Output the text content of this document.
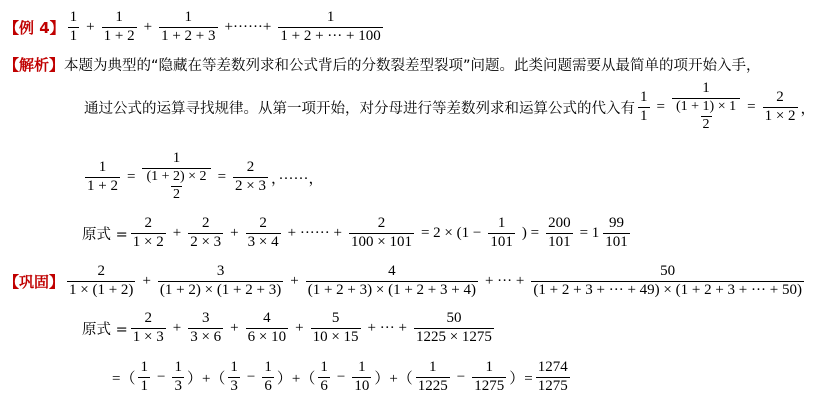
【例 4】 $\frac{1}{1} + \frac{1}{1 + 2} + \frac{1}{1 + 2 + 3}$ +······+ $\frac{1}{1 + 2 + \cdot\cdot\cdot + 100}$
【解析】 本题为典型的“隐藏在等差数列求和公式背后的分数裂差型裂项”问题。此类问题需要从最简单的项开始入手，
通过公式的运算寻找规律。从第一项开始，对分母进行等差数列求和运算公式的代入有 $\frac{1}{1} = \frac{1}{\frac{(1 + 1) \times 1}{2}} = \frac{2}{1 \times 2}$ ，
$\frac{1}{1 + 2} = \frac{1}{\frac{(1 + 2) \times 2}{2}} = \frac{2}{2 \times 3}$ ，······，
原式 = $\frac{2}{1 \times 2} + \frac{2}{2 \times 3} + \frac{2}{3 \times 4}$ + ······ + $\frac{2}{100 \times 101} = 2 \times (1 - \frac{1}{101}$ ) = $\frac{200}{101} = 1 \frac{99}{101}$
【巩固】 $\frac{2}{1 \times (1 + 2)} + \frac{3}{(1 + 2) \times (1 + 2 + 3)} + \frac{4}{(1 + 2 + 3) \times (1 + 2 + 3 + 4)}$ + ··· + $\frac{50}{(1 + 2 + 3 + \cdot\cdot\cdot + 49) \times (1 + 2 + 3 + \cdot\cdot\cdot + 50)}$
原式 = $\frac{2}{1 \times 3} + \frac{3}{3 \times 6} + \frac{4}{6 \times 10} + \frac{5}{10 \times 15}$ + ··· + $\frac{50}{1225 \times 1275}$
=（ $\frac{1}{1} - \frac{1}{3}$ ）+（ $\frac{1}{3} - \frac{1}{6}$ ）+（ $\frac{1}{6} - \frac{1}{10}$ ）+（ $\frac{1}{1225} - \frac{1}{1275}$ ）= $\frac{1274}{1275}$
